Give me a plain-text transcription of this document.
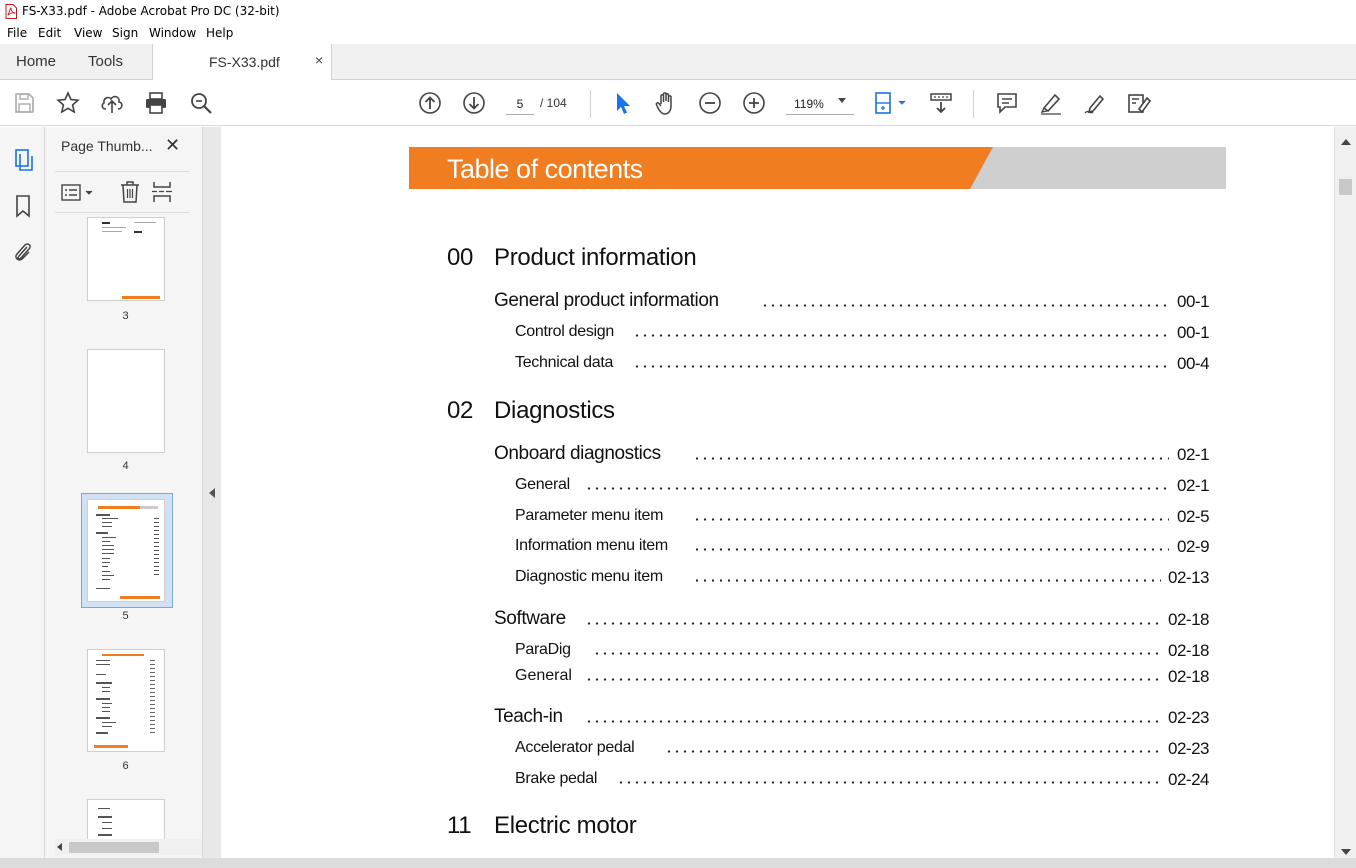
FS-X33.pdf - Adobe Acrobat Pro DC (32-bit)
File Edit View Sign Window Help
Home Tools	FS-X33.pdf	×
5	/ 104	119%
Page Thumb... ✕
3
4
5
6
Table of contents
00 Product information
General product information	00-1
Control design	00-1
Technical data	00-4
02 Diagnostics
Onboard diagnostics	02-1
General	02-1
Parameter menu item	02-5
Information menu item	02-9
Diagnostic menu item	02-13
Software	02-18
ParaDig	02-18
General	02-18
Teach-in	02-23
Accelerator pedal	02-23
Brake pedal	02-24
11 Electric motor
